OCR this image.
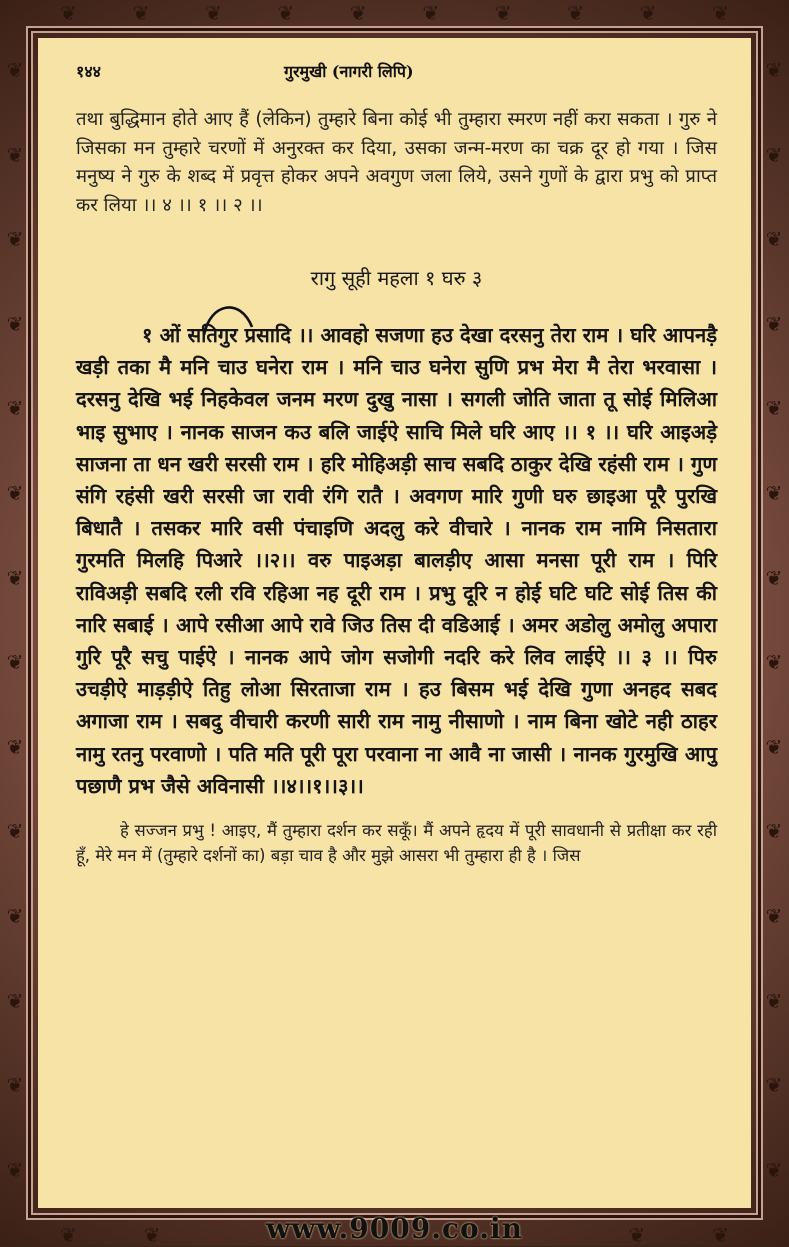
❦	❦	❦	❦	❦	❦	❦	❦	❦	❦
❦	❦	❦	❦
❦
❦
❦
❦
❦
❦
❦
❦
❦
❦
❦
❦
❦
❦
❦
❦
❦
❦
❦
❦
❦
❦
❦
❦
❦
❦
❦
❦
१४४	गुरमुखी (नागरी लिपि)
तथा बुद्धिमान होते आए हैं (लेकिन) तुम्हारे बिना कोई भी तुम्हारा स्मरण नहीं करा सकता । गुरु ने जिसका मन तुम्हारे चरणों में अनुरक्त कर दिया, उसका जन्म-मरण का चक्र दूर हो गया । जिस मनुष्य ने गुरु के शब्द में प्रवृत्त होकर अपने अवगुण जला लिये, उसने गुणों के द्वारा प्रभु को प्राप्त कर लिया ।। ४ ।। १ ।। २ ।।
रागु सूही महला १ घरु ३
१ ओं सतिगुर प्रसादि ।। आवहो सजणा हउ देखा दरसनु तेरा राम । घरि आपनड़ै खड़ी तका मै मनि चाउ घनेरा राम । मनि चाउ घनेरा सुणि प्रभ मेरा मै तेरा भरवासा । दरसनु देखि भई निहकेवल जनम मरण दुखु नासा । सगली जोति जाता तू सोई मिलिआ भाइ सुभाए । नानक साजन कउ बलि जाईऐ साचि मिले घरि आए ।। १ ।। घरि आइअड़े साजना ता धन खरी सरसी राम । हरि मोहिअड़ी साच सबदि ठाकुर देखि रहंसी राम । गुण संगि रहंसी खरी सरसी जा रावी रंगि रातै । अवगण मारि गुणी घरु छाइआ पूरै पुरखि बिधातै । तसकर मारि वसी पंचाइणि अदलु करे वीचारे । नानक राम नामि निसतारा गुरमति मिलहि पिआरे ।।२।। वरु पाइअड़ा बालड़ीए आसा मनसा पूरी राम । पिरि राविअड़ी सबदि रली रवि रहिआ नह दूरी राम । प्रभु दूरि न होई घटि घटि सोई तिस की नारि सबाई । आपे रसीआ आपे रावे जिउ तिस दी वडिआई । अमर अडोलु अमोलु अपारा गुरि पूरै सचु पाईऐ । नानक आपे जोग सजोगी नदरि करे लिव लाईऐ ।। ३ ।। पिरु उचड़ीऐ माड़ड़ीऐ तिहु लोआ सिरताजा राम । हउ बिसम भई देखि गुणा अनहद सबद अगाजा राम । सबदु वीचारी करणी सारी राम नामु नीसाणो । नाम बिना खोटे नही ठाहर नामु रतनु परवाणो । पति मति पूरी पूरा परवाना ना आवै ना जासी । नानक गुरमुखि आपु पछाणै प्रभ जैसे अविनासी ।।४।।१।।३।।
हे सज्जन प्रभु ! आइए, मैं तुम्हारा दर्शन कर सकूँ। मैं अपने हृदय में पूरी सावधानी से प्रतीक्षा कर रही हूँ, मेरे मन में (तुम्हारे दर्शनों का) बड़ा चाव है और मुझे आसरा भी तुम्हारा ही है । जिस
www.9009.co.in
